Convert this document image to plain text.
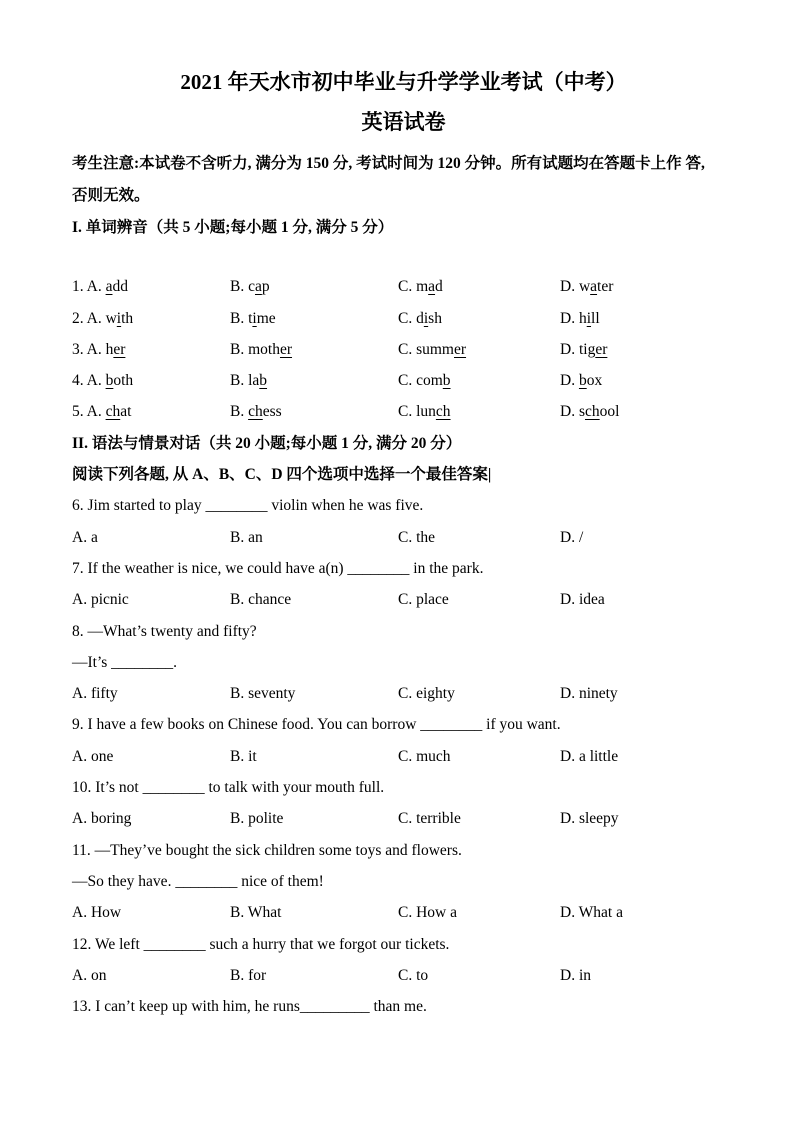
2021 年天水市初中毕业与升学学业考试（中考）
英语试卷
考生注意:本试卷不含听力, 满分为 150 分, 考试时间为 120 分钟。所有试题均在答题卡上作 答,
否则无效。
I. 单词辨音（共 5 小题;每小题 1 分, 满分 5 分）
1. A. add	B. cap	C. mad	D. water
2. A. with	B. time	C. dish	D. hill
3. A. her	B. mother	C. summer	D. tiger
4. A. both	B. lab	C. comb	D. box
5. A. chat	B. chess	C. lunch	D. school
II. 语法与情景对话（共 20 小题;每小题 1 分, 满分 20 分）
阅读下列各题, 从 A、B、C、D 四个选项中选择一个最佳答案|
6. Jim started to play ________ violin when he was five.
A. a	B. an	C. the	D. /
7. If the weather is nice, we could have a(n) ________ in the park.
A. picnic	B. chance	C. place	D. idea
8. —What’s twenty and fifty?
—It’s ________.
A. fifty	B. seventy	C. eighty	D. ninety
9. I have a few books on Chinese food. You can borrow ________ if you want.
A. one	B. it	C. much	D. a little
10. It’s not ________ to talk with your mouth full.
A. boring	B. polite	C. terrible	D. sleepy
11. —They’ve bought the sick children some toys and flowers.
—So they have. ________ nice of them!
A. How	B. What	C. How a	D. What a
12. We left ________ such a hurry that we forgot our tickets.
A. on	B. for	C. to	D. in
13. I can’t keep up with him, he runs_________ than me.
